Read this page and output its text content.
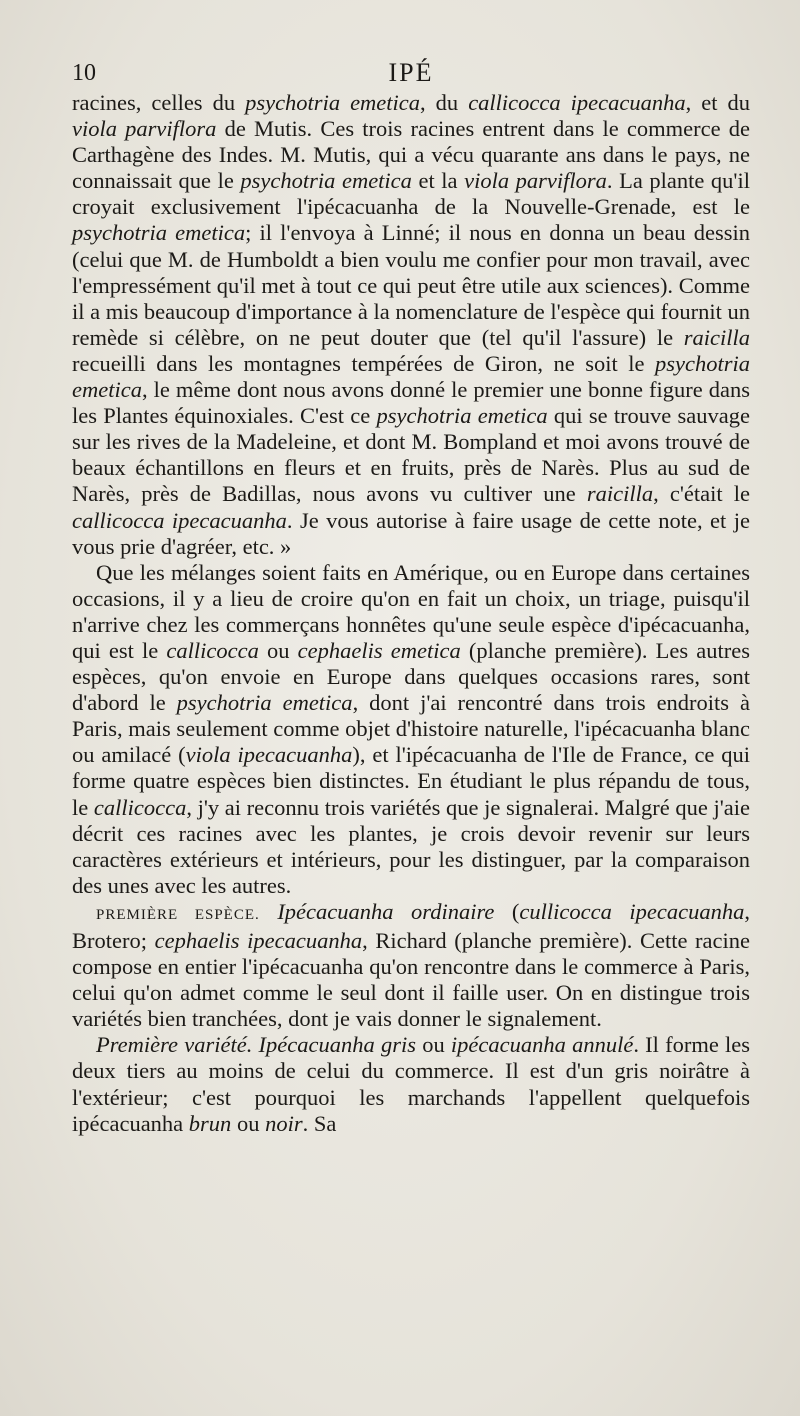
10	IPÉ

racines, celles du psychotria emetica, du callicocca ipecacuanha, et du viola parviflora de Mutis. Ces trois racines entrent dans le commerce de Carthagène des Indes. M. Mutis, qui a vécu quarante ans dans le pays, ne connaissait que le psychotria emetica et la viola parviflora. La plante qu'il croyait exclusivement l'ipécacuanha de la Nouvelle-Grenade, est le psychotria emetica; il l'envoya à Linné; il nous en donna un beau dessin (celui que M. de Humboldt a bien voulu me confier pour mon travail, avec l'empressément qu'il met à tout ce qui peut être utile aux sciences). Comme il a mis beaucoup d'importance à la nomenclature de l'espèce qui fournit un remède si célèbre, on ne peut douter que (tel qu'il l'assure) le raicilla recueilli dans les montagnes tempérées de Giron, ne soit le psychotria emetica, le même dont nous avons donné le premier une bonne figure dans les Plantes équinoxiales. C'est ce psychotria emetica qui se trouve sauvage sur les rives de la Madeleine, et dont M. Bompland et moi avons trouvé de beaux échantillons en fleurs et en fruits, près de Narès. Plus au sud de Narès, près de Badillas, nous avons vu cultiver une raicilla, c'était le callicocca ipecacuanha. Je vous autorise à faire usage de cette note, et je vous prie d'agréer, etc. »

Que les mélanges soient faits en Amérique, ou en Europe dans certaines occasions, il y a lieu de croire qu'on en fait un choix, un triage, puisqu'il n'arrive chez les commerçans honnêtes qu'une seule espèce d'ipécacuanha, qui est le callicocca ou cephaelis emetica (planche première). Les autres espèces, qu'on envoie en Europe dans quelques occasions rares, sont d'abord le psychotria emetica, dont j'ai rencontré dans trois endroits à Paris, mais seulement comme objet d'histoire naturelle, l'ipécacuanha blanc ou amilacé (viola ipecacuanha), et l'ipécacuanha de l'Ile de France, ce qui forme quatre espèces bien distinctes. En étudiant le plus répandu de tous, le callicocca, j'y ai reconnu trois variétés que je signalerai. Malgré que j'aie décrit ces racines avec les plantes, je crois devoir revenir sur leurs caractères extérieurs et intérieurs, pour les distinguer, par la comparaison des unes avec les autres.

PREMIÈRE ESPÈCE. Ipécacuanha ordinaire (cullicocca ipecacuanha, Brotero; cephaelis ipecacuanha, Richard (planche première). Cette racine compose en entier l'ipécacuanha qu'on rencontre dans le commerce à Paris, celui qu'on admet comme le seul dont il faille user. On en distingue trois variétés bien tranchées, dont je vais donner le signalement.

Première variété. Ipécacuanha gris ou ipécacuanha annulé. Il forme les deux tiers au moins de celui du commerce. Il est d'un gris noirâtre à l'extérieur; c'est pourquoi les marchands l'appellent quelquefois ipécacuanha brun ou noir. Sa
